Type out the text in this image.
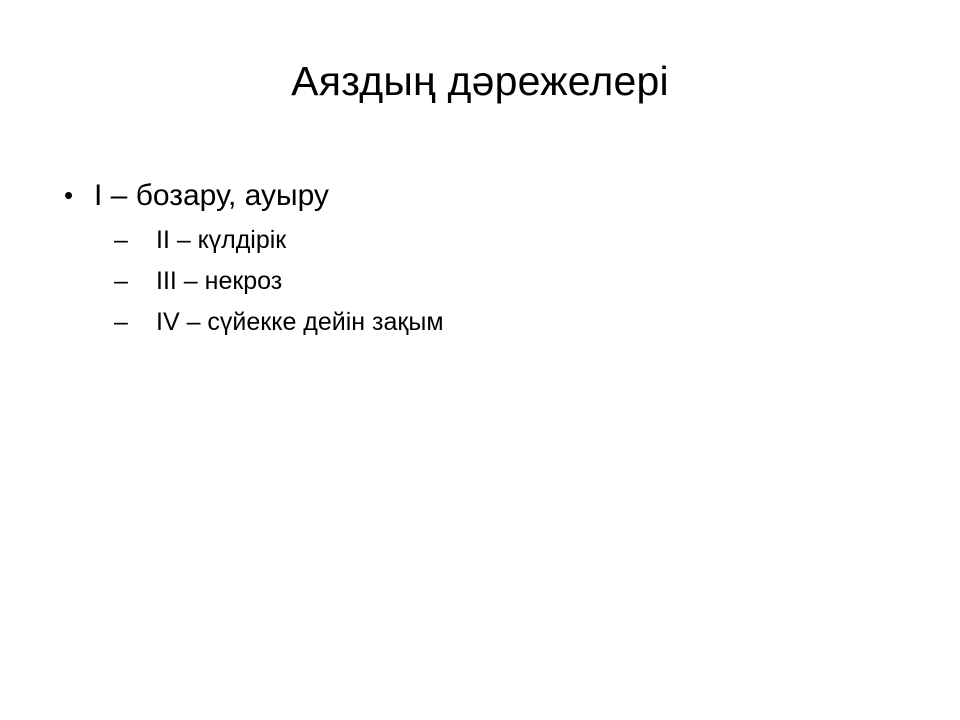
Аяздың дәрежелері
• I – бозару, ауыру
– II – күлдірік
– III – некроз
– IV – сүйекке дейін зақым
